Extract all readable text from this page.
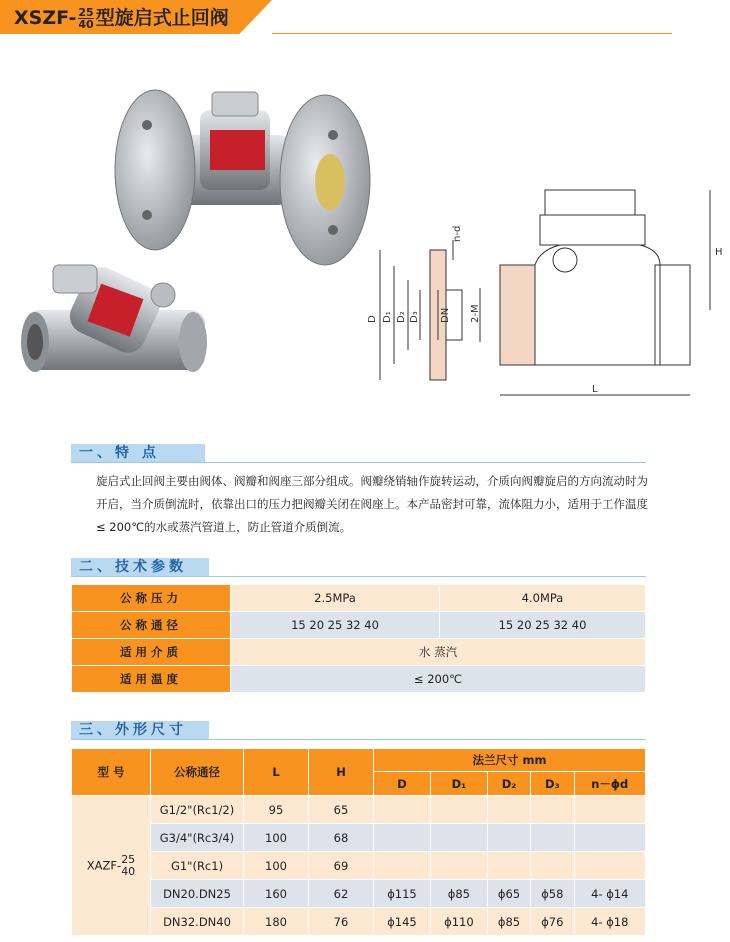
XSZF- $\frac{25}{40}$ 型旋启式止回阀
D D₁ D₂ D₃ DN
n-d
2-M
H
L
一、特 点
旋启式止回阀主要由阀体、阀瓣和阀座三部分组成。阀瓣绕销轴作旋转运动，介质向阀瓣旋启的方向流动时为开启，当介质倒流时，依靠出口的压力把阀瓣关闭在阀座上。本产品密封可靠，流体阻力小，适用于工作温度≤ 200℃的水或蒸汽管道上，防止管道介质倒流。
二、技术参数
公称压力	2.5MPa	4.0MPa
公称通径	15 20 25 32 40	15 20 25 32 40
适用介质	水 蒸汽	
适用温度	≤ 200℃	
三、外形尺寸
型 号	公称通径	L	H	法兰尺寸 mm				
				D	D₁	D₂	D₃	n－ϕd
XAZF- 25
40	G1/2"(Rc1/2)	95	65					
	G3/4"(Rc3/4)	100	68					
	G1"(Rc1)	100	69					
	DN20.DN25	160	62	ϕ115	ϕ85	ϕ65	ϕ58	4- ϕ14
	DN32.DN40	180	76	ϕ145	ϕ110	ϕ85	ϕ76	4- ϕ18
